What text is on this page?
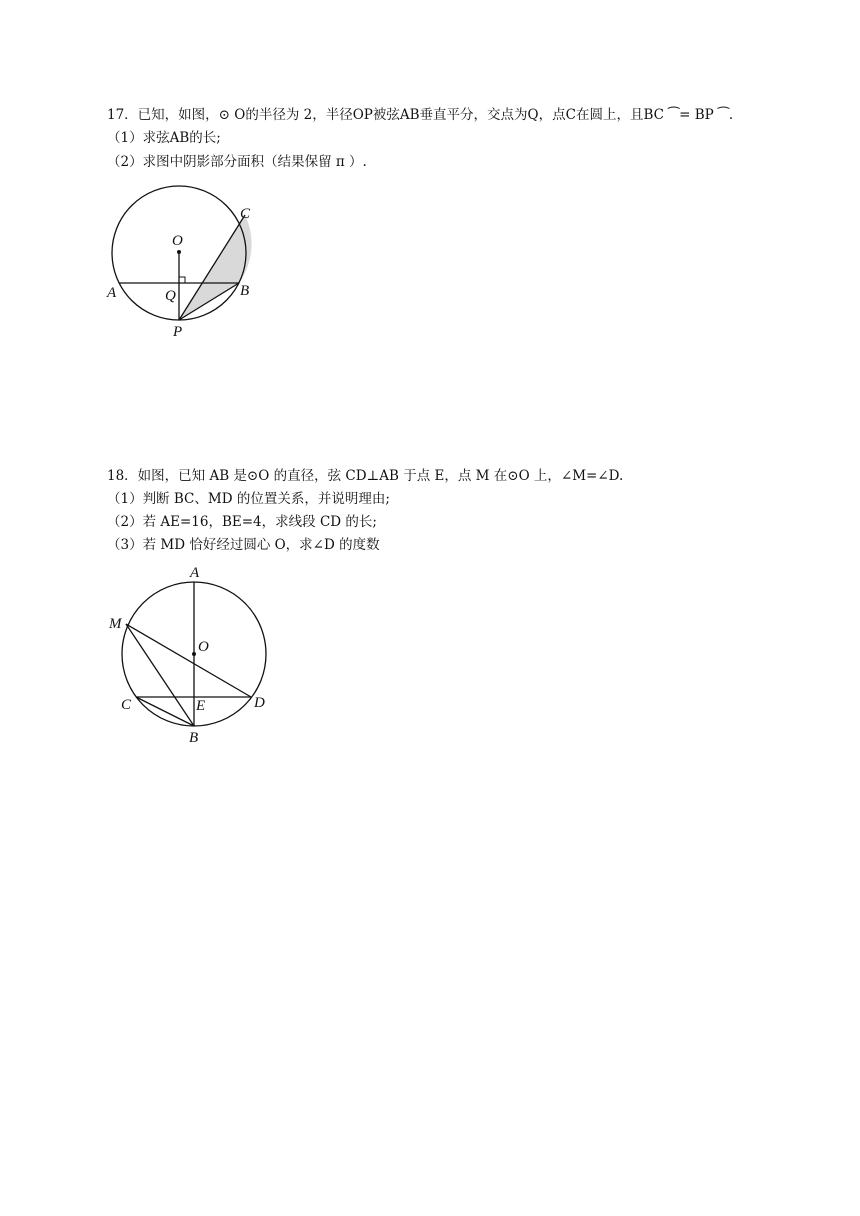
17．已知，如图，⊙ O的半径为 2，半径OP被弦AB垂直平分，交点为Q，点C在圆上，且BC ⁀= BP ⁀.
（1）求弦AB的长;
（2）求图中阴影部分面积（结果保留 π ）.
O
A	Q	B
C
P
18．如图，已知 AB 是⊙O 的直径，弦 CD⊥AB 于点 E，点 M 在⊙O 上，∠M=∠D.
（1）判断 BC、MD 的位置关系，并说明理由;
（2）若 AE=16，BE=4，求线段 CD 的长;
（3）若 MD 恰好经过圆心 O，求∠D 的度数
A
M
O
C	E	D
B
